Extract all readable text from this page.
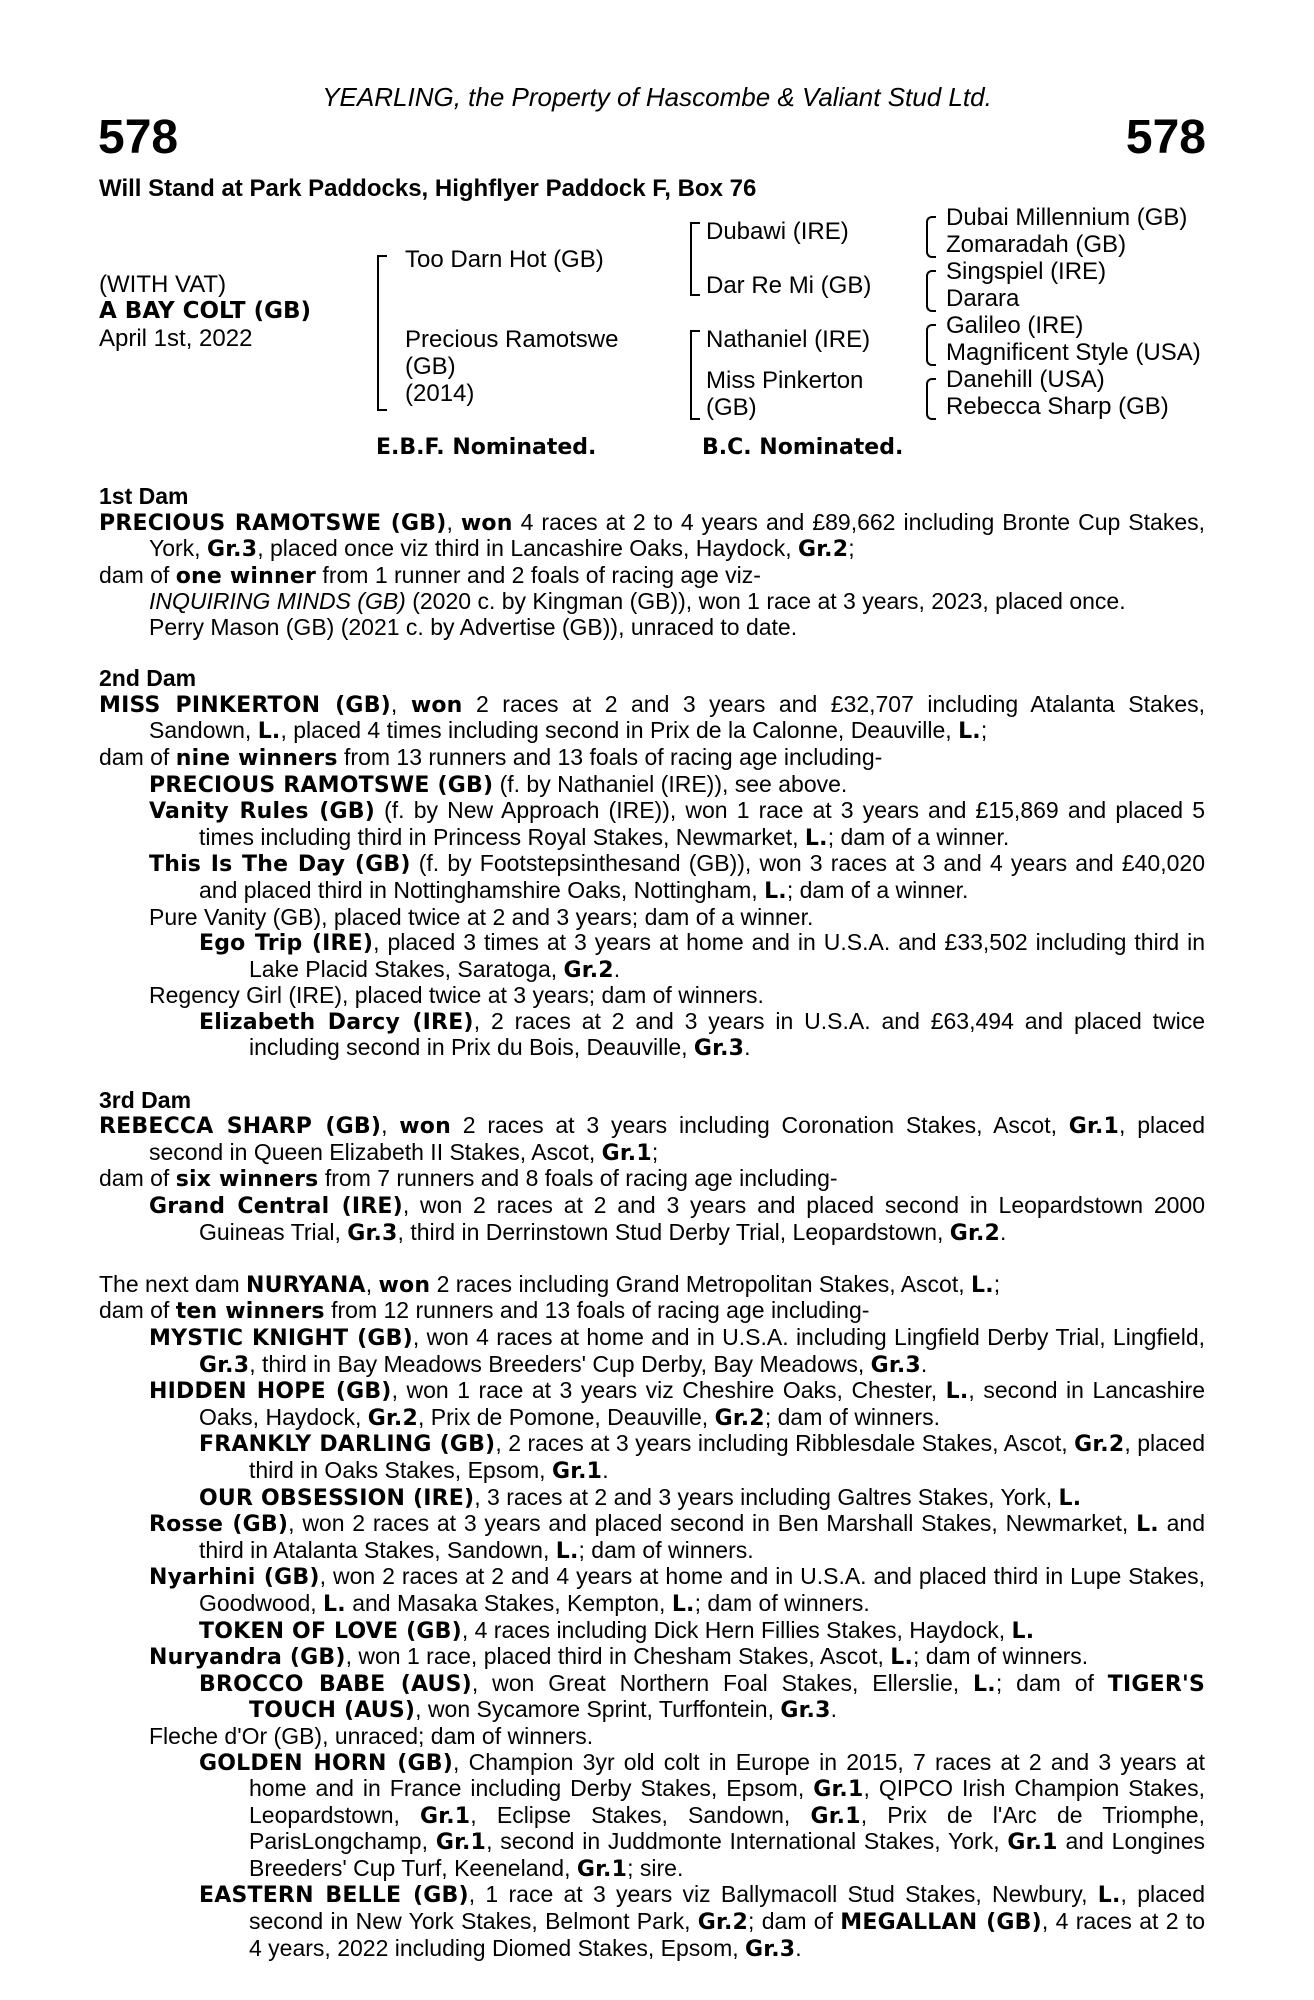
YEARLING, the Property of Hascombe & Valiant Stud Ltd.
578	578
Will Stand at Park Paddocks, Highflyer Paddock F, Box 76
(WITH VAT)
A BAY COLT (GB)
April 1st, 2022
Too Darn Hot (GB)
Precious Ramotswe
(GB)
(2014)
Dubawi (IRE)
Dar Re Mi (GB)
Nathaniel (IRE)
Miss Pinkerton
(GB)
Dubai Millennium (GB)
Zomaradah (GB)
Singspiel (IRE)
Darara
Galileo (IRE)
Magnificent Style (USA)
Danehill (USA)
Rebecca Sharp (GB)
E.B.F. Nominated.	B.C. Nominated.
1st Dam
PRECIOUS RAMOTSWE (GB), won 4 races at 2 to 4 years and £89,662 including Bronte Cup Stakes, York, Gr.3, placed once viz third in Lancashire Oaks, Haydock, Gr.2;
dam of one winner from 1 runner and 2 foals of racing age viz-
INQUIRING MINDS (GB) (2020 c. by Kingman (GB)), won 1 race at 3 years, 2023, placed once.
Perry Mason (GB) (2021 c. by Advertise (GB)), unraced to date.
2nd Dam
MISS PINKERTON (GB), won 2 races at 2 and 3 years and £32,707 including Atalanta Stakes, Sandown, L., placed 4 times including second in Prix de la Calonne, Deauville, L.;
dam of nine winners from 13 runners and 13 foals of racing age including-
PRECIOUS RAMOTSWE (GB) (f. by Nathaniel (IRE)), see above.
Vanity Rules (GB) (f. by New Approach (IRE)), won 1 race at 3 years and £15,869 and placed 5 times including third in Princess Royal Stakes, Newmarket, L.; dam of a winner.
This Is The Day (GB) (f. by Footstepsinthesand (GB)), won 3 races at 3 and 4 years and £40,020 and placed third in Nottinghamshire Oaks, Nottingham, L.; dam of a winner.
Pure Vanity (GB), placed twice at 2 and 3 years; dam of a winner.
Ego Trip (IRE), placed 3 times at 3 years at home and in U.S.A. and £33,502 including third in Lake Placid Stakes, Saratoga, Gr.2.
Regency Girl (IRE), placed twice at 3 years; dam of winners.
Elizabeth Darcy (IRE), 2 races at 2 and 3 years in U.S.A. and £63,494 and placed twice including second in Prix du Bois, Deauville, Gr.3.
3rd Dam
REBECCA SHARP (GB), won 2 races at 3 years including Coronation Stakes, Ascot, Gr.1, placed second in Queen Elizabeth II Stakes, Ascot, Gr.1;
dam of six winners from 7 runners and 8 foals of racing age including-
Grand Central (IRE), won 2 races at 2 and 3 years and placed second in Leopardstown 2000 Guineas Trial, Gr.3, third in Derrinstown Stud Derby Trial, Leopardstown, Gr.2.
The next dam NURYANA, won 2 races including Grand Metropolitan Stakes, Ascot, L.;
dam of ten winners from 12 runners and 13 foals of racing age including-
MYSTIC KNIGHT (GB), won 4 races at home and in U.S.A. including Lingfield Derby Trial, Lingfield, Gr.3, third in Bay Meadows Breeders' Cup Derby, Bay Meadows, Gr.3.
HIDDEN HOPE (GB), won 1 race at 3 years viz Cheshire Oaks, Chester, L., second in Lancashire Oaks, Haydock, Gr.2, Prix de Pomone, Deauville, Gr.2; dam of winners.
FRANKLY DARLING (GB), 2 races at 3 years including Ribblesdale Stakes, Ascot, Gr.2, placed third in Oaks Stakes, Epsom, Gr.1.
OUR OBSESSION (IRE), 3 races at 2 and 3 years including Galtres Stakes, York, L.
Rosse (GB), won 2 races at 3 years and placed second in Ben Marshall Stakes, Newmarket, L. and third in Atalanta Stakes, Sandown, L.; dam of winners.
Nyarhini (GB), won 2 races at 2 and 4 years at home and in U.S.A. and placed third in Lupe Stakes, Goodwood, L. and Masaka Stakes, Kempton, L.; dam of winners.
TOKEN OF LOVE (GB), 4 races including Dick Hern Fillies Stakes, Haydock, L.
Nuryandra (GB), won 1 race, placed third in Chesham Stakes, Ascot, L.; dam of winners.
BROCCO BABE (AUS), won Great Northern Foal Stakes, Ellerslie, L.; dam of TIGER'S TOUCH (AUS), won Sycamore Sprint, Turffontein, Gr.3.
Fleche d'Or (GB), unraced; dam of winners.
GOLDEN HORN (GB), Champion 3yr old colt in Europe in 2015, 7 races at 2 and 3 years at home and in France including Derby Stakes, Epsom, Gr.1, QIPCO Irish Champion Stakes, Leopardstown, Gr.1, Eclipse Stakes, Sandown, Gr.1, Prix de l'Arc de Triomphe, ParisLongchamp, Gr.1, second in Juddmonte International Stakes, York, Gr.1 and Longines Breeders' Cup Turf, Keeneland, Gr.1; sire.
EASTERN BELLE (GB), 1 race at 3 years viz Ballymacoll Stud Stakes, Newbury, L., placed second in New York Stakes, Belmont Park, Gr.2; dam of MEGALLAN (GB), 4 races at 2 to 4 years, 2022 including Diomed Stakes, Epsom, Gr.3.
